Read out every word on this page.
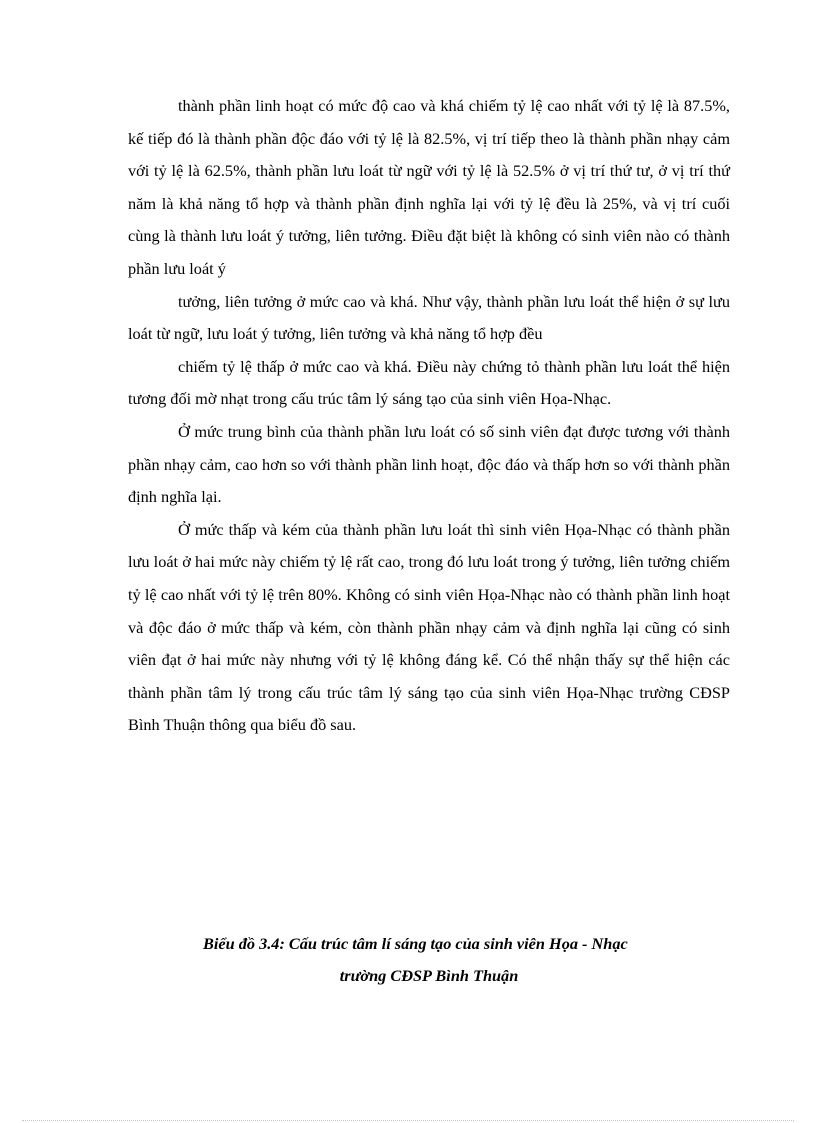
thành phần linh hoạt có mức độ cao và khá chiếm tỷ lệ cao nhất với tỷ lệ là 87.5%, kế tiếp đó là thành phần độc đáo với tỷ lệ là 82.5%, vị trí tiếp theo là thành phần nhạy cảm với tỷ lệ là 62.5%, thành phần lưu loát từ ngữ với tỷ lệ là 52.5% ở vị trí thứ tư, ở vị trí thứ năm là khả năng tổ hợp và thành phần định nghĩa lại với tỷ lệ đều là 25%, và vị trí cuối cùng là thành lưu loát ý tưởng, liên tưởng. Điều đặt biệt là không có sinh viên nào có thành phần lưu loát ý

tưởng, liên tưởng ở mức cao và khá. Như vậy, thành phần lưu loát thể hiện ở sự lưu loát từ ngữ, lưu loát ý tưởng, liên tưởng và khả năng tổ hợp đều

chiếm tỷ lệ thấp ở mức cao và khá. Điều này chứng tỏ thành phần lưu loát thể hiện tương đối mờ nhạt trong cấu trúc tâm lý sáng tạo của sinh viên Họa-Nhạc.

Ở mức trung bình của thành phần lưu loát có số sinh viên đạt được tương với thành phần nhạy cảm, cao hơn so với thành phần linh hoạt, độc đáo và thấp hơn so với thành phần định nghĩa lại.

Ở mức thấp và kém của thành phần lưu loát thì sinh viên Họa-Nhạc có thành phần lưu loát ở hai mức này chiếm tỷ lệ rất cao, trong đó lưu loát trong ý tưởng, liên tưởng chiếm tỷ lệ cao nhất với tỷ lệ trên 80%. Không có sinh viên Họa-Nhạc nào có thành phần linh hoạt và độc đáo ở mức thấp và kém, còn thành phần nhạy cảm và định nghĩa lại cũng có sinh viên đạt ở hai mức này nhưng với tỷ lệ không đáng kể. Có thể nhận thấy sự thể hiện các thành phần tâm lý trong cấu trúc tâm lý sáng tạo của sinh viên Họa-Nhạc trường CĐSP Bình Thuận thông qua biểu đồ sau.

Biểu đồ 3.4: Cấu trúc tâm lí sáng tạo của sinh viên Họa - Nhạc
trường CĐSP Bình Thuận
